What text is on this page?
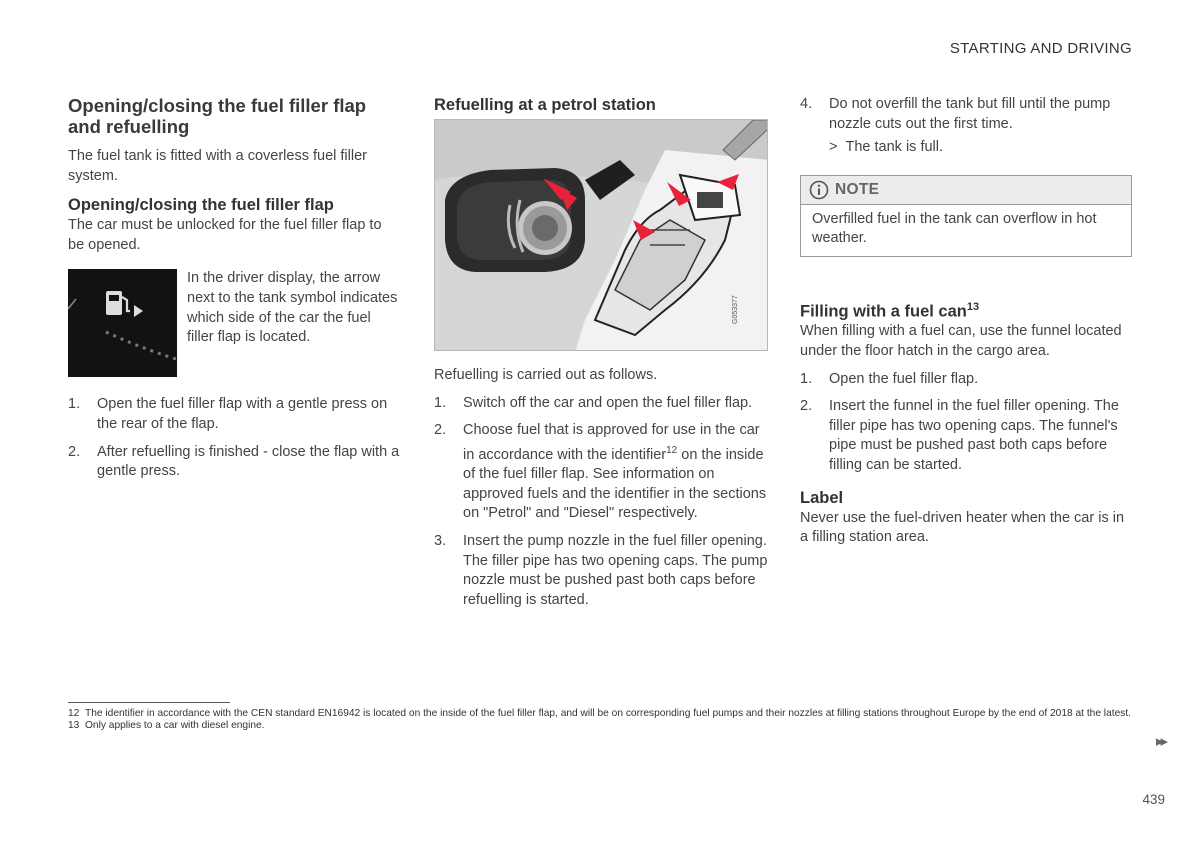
STARTING AND DRIVING
Opening/closing the fuel filler flap and refuelling

The fuel tank is fitted with a coverless fuel filler system.

Opening/closing the fuel filler flap

The car must be unlocked for the fuel filler flap to be opened.

In the driver display, the arrow next to the tank symbol indicates which side of the car the fuel filler flap is located.

1. Open the fuel filler flap with a gentle press on the rear of the flap.
2. After refuelling is finished - close the flap with a gentle press.
Refuelling at a petrol station
G053377

Refuelling is carried out as follows.

1. Switch off the car and open the fuel filler flap.
2. Choose fuel that is approved for use in the car in accordance with the identifier$^{12}$ on the inside of the fuel filler flap. See information on approved fuels and the identifier in the sections on "Petrol" and "Diesel" respectively.
3. Insert the pump nozzle in the fuel filler opening. The filler pipe has two opening caps. The pump nozzle must be pushed past both caps before refuelling is started.
4. Do not overfill the tank but fill until the pump nozzle cuts out the first time.
> The tank is full.
NOTE

Overfilled fuel in the tank can overflow in hot weather.

Filling with a fuel can$^{13}$

When filling with a fuel can, use the funnel located under the floor hatch in the cargo area.

1. Open the fuel filler flap.
2. Insert the funnel in the fuel filler opening. The filler pipe has two opening caps. The funnel's pipe must be pushed past both caps before filling can be started.
Label

Never use the fuel-driven heater when the car is in a filling station area.

12 The identifier in accordance with the CEN standard EN16942 is located on the inside of the fuel filler flap, and will be on corresponding fuel pumps and their nozzles at filling stations throughout Europe by the end of 2018 at the latest.
13 Only applies to a car with diesel engine.
▸▸
439
